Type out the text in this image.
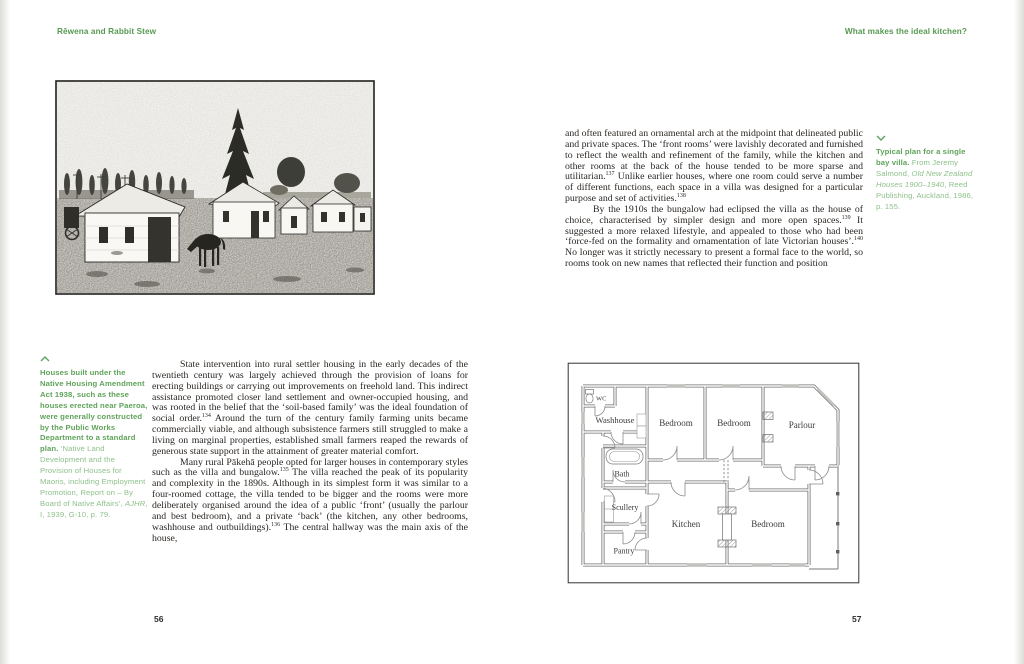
Rēwena and Rabbit Stew
Houses built under the Native Housing Amendment Act 1938, such as these houses erected near Paeroa, were generally constructed by the Public Works Department to a standard plan. ‘Native Land Development and the Provision of Houses for Maoris, including Employment Promotion, Report on – By Board of Native Affairs’, AJHR, I, 1939, G-10, p. 79.

State intervention into rural settler housing in the early decades of the twentieth century was largely achieved through the provision of loans for erecting buildings or carrying out improvements on freehold land. This indirect assistance promoted closer land settlement and owner-occupied housing, and was rooted in the belief that the ‘soil-based family’ was the ideal foundation of social order.$^{134}$ Around the turn of the century family farming units became commercially viable, and although subsistence farmers still struggled to make a living on marginal properties, established small farmers reaped the rewards of generous state support in the attainment of greater material comfort.

Many rural Pākehā people opted for larger houses in contemporary styles such as the villa and bungalow.$^{135}$ The villa reached the peak of its popularity and complexity in the 1890s. Although in its simplest form it was similar to a four-roomed cottage, the villa tended to be bigger and the rooms were more deliberately organised around the idea of a public ‘front’ (usually the parlour and best bedroom), and a private ‘back’ (the kitchen, any other bedrooms, washhouse and outbuildings).$^{136}$ The central hallway was the main axis of the house,

56
What makes the ideal kitchen?

and often featured an ornamental arch at the midpoint that delineated public and private spaces. The ‘front rooms’ were lavishly decorated and furnished to reflect the wealth and refinement of the family, while the kitchen and other rooms at the back of the house tended to be more sparse and utilitarian.$^{137}$ Unlike earlier houses, where one room could serve a number of different functions, each space in a villa was designed for a particular purpose and set of activities.$^{138}$

By the 1910s the bungalow had eclipsed the villa as the house of choice, characterised by simpler design and more open spaces.$^{139}$ It suggested a more relaxed lifestyle, and appealed to those who had been ‘force-fed on the formality and ornamentation of late Victorian houses’.$^{140}$ No longer was it strictly necessary to present a formal face to the world, so rooms took on new names that reflected their function and position

Typical plan for a single bay villa. From Jeremy Salmond, Old New Zealand Houses 1900–1940, Reed Publishing, Auckland, 1986, p. 155.
WC
Washhouse	Bedroom	Bedroom	Parlour
Bath
Scullery
Kitchen	Bedroom
Pantry
57
